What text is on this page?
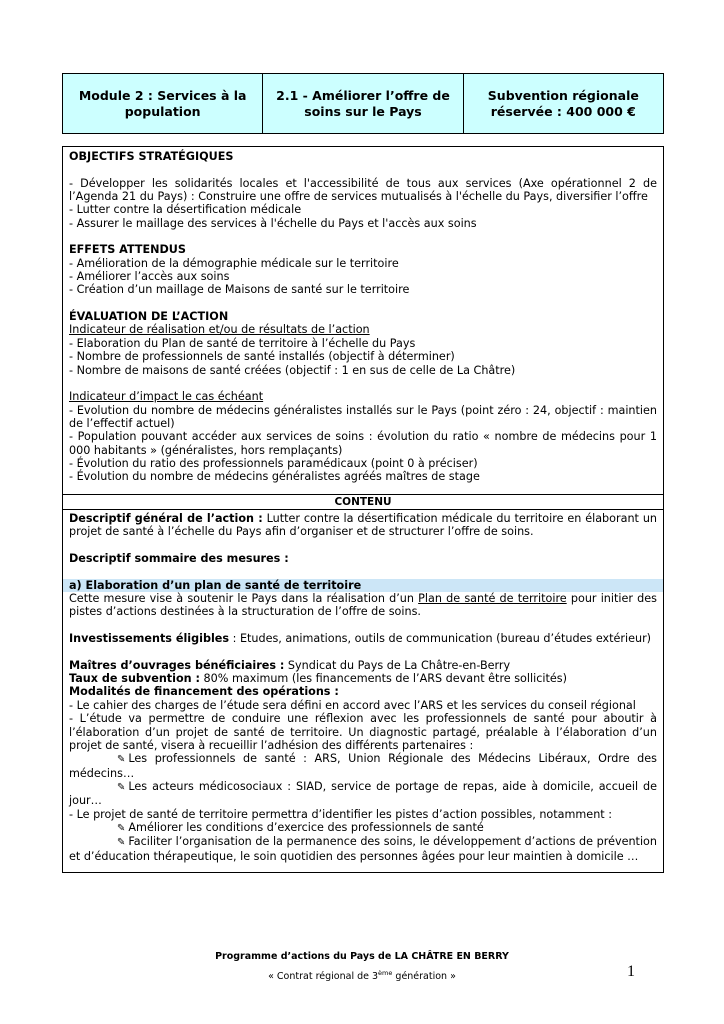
Module 2 : Services à la population
2.1 - Améliorer l’offre de soins sur le Pays
Subvention régionale réservée : 400 000 €
OBJECTIFS STRATÉGIQUES
- Développer les solidarités locales et l'accessibilité de tous aux services (Axe opérationnel 2 de l’Agenda 21 du Pays) : Construire une offre de services mutualisés à l'échelle du Pays, diversifier l’offre
- Lutter contre la désertification médicale
- Assurer le maillage des services à l'échelle du Pays et l'accès aux soins
EFFETS ATTENDUS
- Amélioration de la démographie médicale sur le territoire
- Améliorer l’accès aux soins
- Création d’un maillage de Maisons de santé sur le territoire
ÉVALUATION DE L’ACTION
Indicateur de réalisation et/ou de résultats de l’action
- Elaboration du Plan de santé de territoire à l’échelle du Pays
- Nombre de professionnels de santé installés (objectif à déterminer)
- Nombre de maisons de santé créées (objectif : 1 en sus de celle de La Châtre)
Indicateur d’impact le cas échéant
- Evolution du nombre de médecins généralistes installés sur le Pays (point zéro : 24, objectif : maintien de l’effectif actuel)
- Population pouvant accéder aux services de soins : évolution du ratio « nombre de médecins pour 1 000 habitants » (généralistes, hors remplaçants)
- Évolution du ratio des professionnels paramédicaux (point 0 à préciser)
- Évolution du nombre de médecins généralistes agréés maîtres de stage
CONTENU
Descriptif général de l’action : Lutter contre la désertification médicale du territoire en élaborant un projet de santé à l’échelle du Pays afin d’organiser et de structurer l’offre de soins.
Descriptif sommaire des mesures :
a) Elaboration d’un plan de santé de territoire
Cette mesure vise à soutenir le Pays dans la réalisation d’un Plan de santé de territoire pour initier des pistes d’actions destinées à la structuration de l’offre de soins.
Investissements éligibles : Etudes, animations, outils de communication (bureau d’études extérieur)
Maîtres d’ouvrages bénéficiaires : Syndicat du Pays de La Châtre-en-Berry
Taux de subvention : 80% maximum (les financements de l’ARS devant être sollicités)
Modalités de financement des opérations :
- Le cahier des charges de l’étude sera défini en accord avec l’ARS et les services du conseil régional
- L’étude va permettre de conduire une réflexion avec les professionnels de santé pour aboutir à l’élaboration d’un projet de santé de territoire. Un diagnostic partagé, préalable à l’élaboration d’un projet de santé, visera à recueillir l’adhésion des différents partenaires :
✎ Les professionnels de santé : ARS, Union Régionale des Médecins Libéraux, Ordre des médecins…
✎ Les acteurs médicosociaux : SIAD, service de portage de repas, aide à domicile, accueil de jour…
- Le projet de santé de territoire permettra d’identifier les pistes d’action possibles, notamment :
✎ Améliorer les conditions d’exercice des professionnels de santé
✎ Faciliter l’organisation de la permanence des soins, le développement d’actions de prévention et d’éducation thérapeutique, le soin quotidien des personnes âgées pour leur maintien à domicile …
Programme d’actions du Pays de LA CHÂTRE EN BERRY
« Contrat régional de 3ème génération »	1
